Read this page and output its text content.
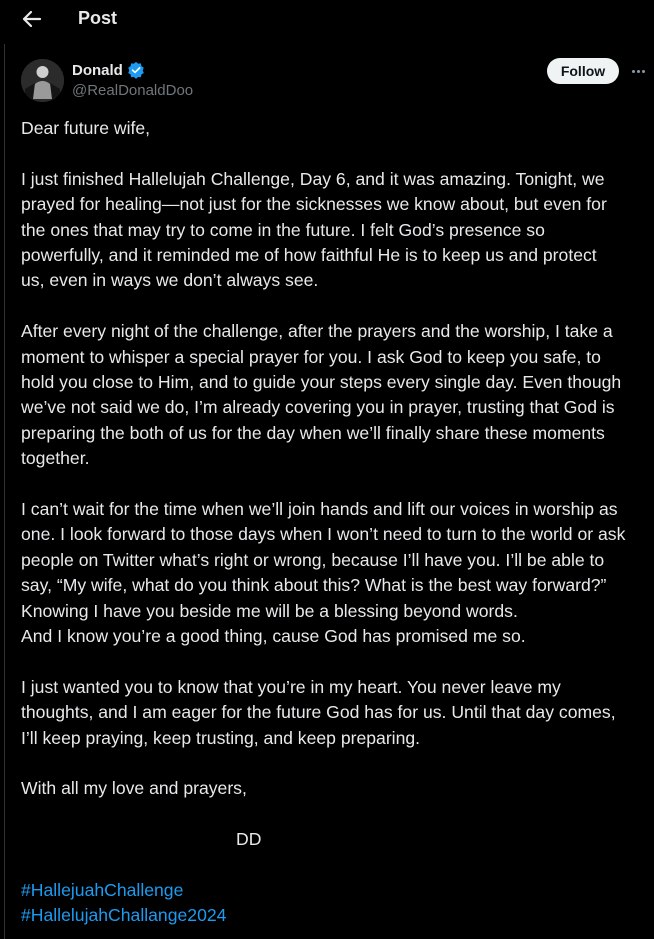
Post
Donald
@RealDonaldDoo
Follow
Dear future wife,
I just finished Hallelujah Challenge, Day 6, and it was amazing. Tonight, we
prayed for healing—not just for the sicknesses we know about, but even for
the ones that may try to come in the future. I felt God’s presence so
powerfully, and it reminded me of how faithful He is to keep us and protect
us, even in ways we don’t always see.
After every night of the challenge, after the prayers and the worship, I take a
moment to whisper a special prayer for you. I ask God to keep you safe, to
hold you close to Him, and to guide your steps every single day. Even though
we’ve not said we do, I’m already covering you in prayer, trusting that God is
preparing the both of us for the day when we’ll finally share these moments
together.
I can’t wait for the time when we’ll join hands and lift our voices in worship as
one. I look forward to those days when I won’t need to turn to the world or ask
people on Twitter what’s right or wrong, because I’ll have you. I’ll be able to
say, “My wife, what do you think about this? What is the best way forward?”
Knowing I have you beside me will be a blessing beyond words.
And I know you’re a good thing, cause God has promised me so.
I just wanted you to know that you’re in my heart. You never leave my
thoughts, and I am eager for the future God has for us. Until that day comes,
I’ll keep praying, keep trusting, and keep preparing.
With all my love and prayers,
DD
#HallejuahChallenge
#HallelujahChallange2024
